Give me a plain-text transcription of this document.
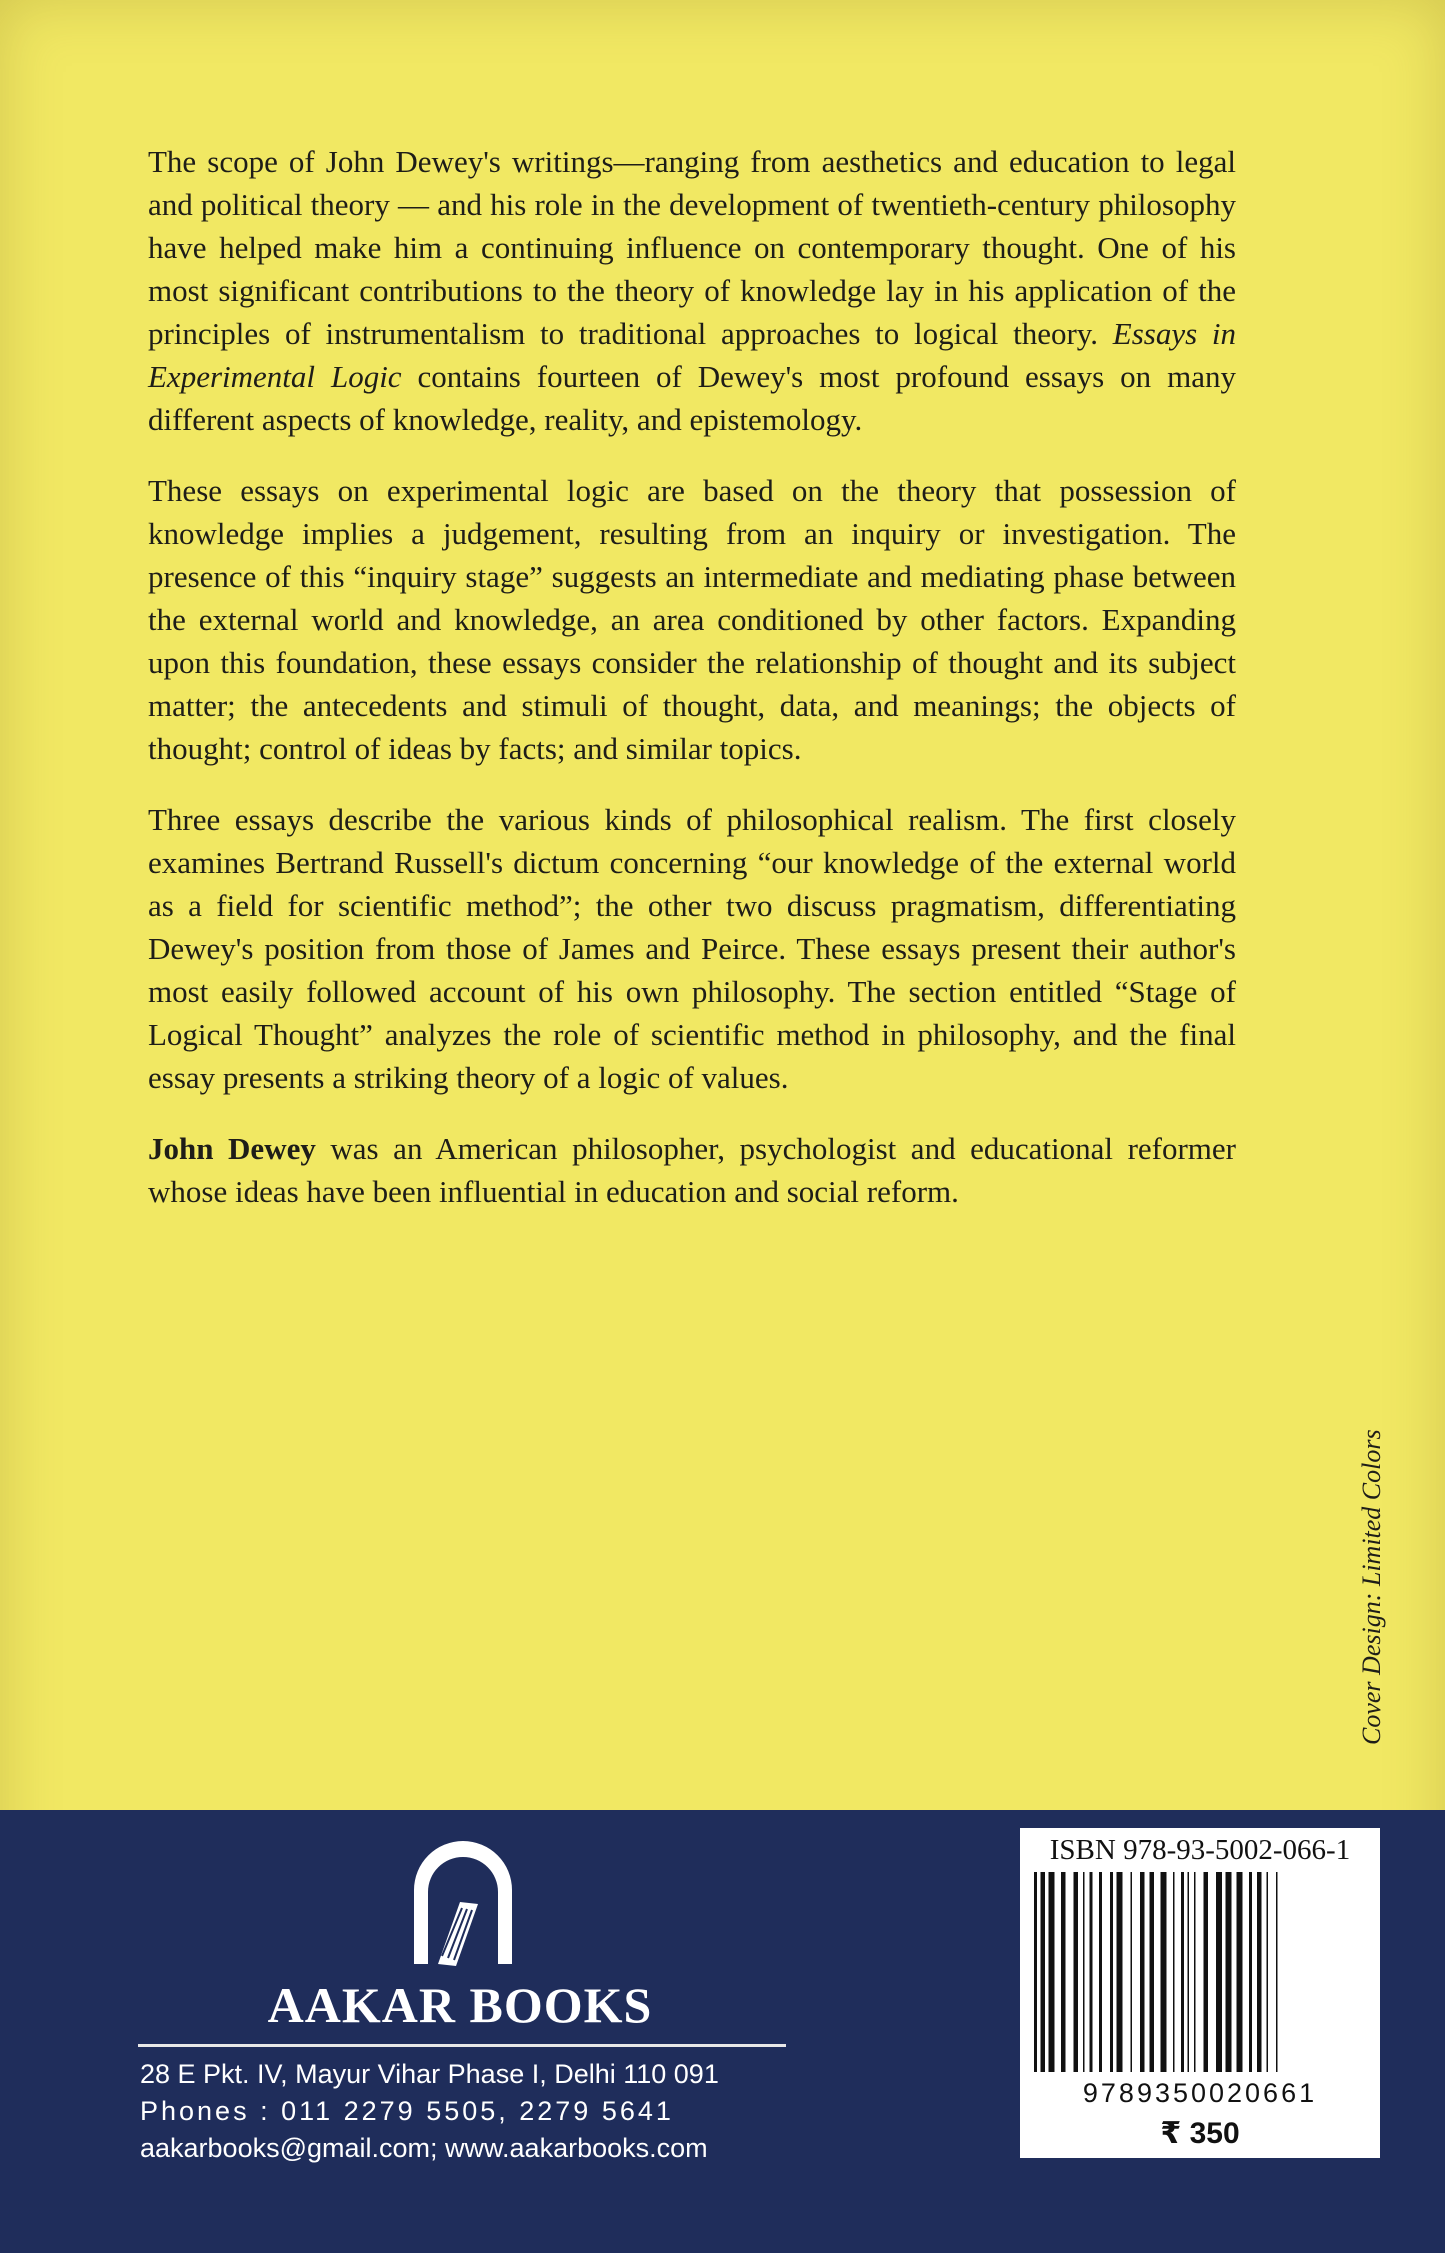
The scope of John Dewey's writings—ranging from aesthetics and education to legal and political theory — and his role in the development of twentieth-century philosophy have helped make him a continuing influence on contemporary thought. One of his most significant contributions to the theory of knowledge lay in his application of the principles of instrumentalism to traditional approaches to logical theory. Essays in Experimental Logic contains fourteen of Dewey's most profound essays on many different aspects of knowledge, reality, and epistemology.

These essays on experimental logic are based on the theory that possession of knowledge implies a judgement, resulting from an inquiry or investigation. The presence of this “inquiry stage” suggests an intermediate and mediating phase between the external world and knowledge, an area conditioned by other factors. Expanding upon this foundation, these essays consider the relationship of thought and its subject matter; the antecedents and stimuli of thought, data, and meanings; the objects of thought; control of ideas by facts; and similar topics.

Three essays describe the various kinds of philosophical realism. The first closely examines Bertrand Russell's dictum concerning “our knowledge of the external world as a field for scientific method”; the other two discuss pragmatism, differentiating Dewey's position from those of James and Peirce. These essays present their author's most easily followed account of his own philosophy. The section entitled “Stage of Logical Thought” analyzes the role of scientific method in philosophy, and the final essay presents a striking theory of a logic of values.

John Dewey was an American philosopher, psychologist and educational reformer whose ideas have been influential in education and social reform.

Cover Design: Limited Colors
AAKAR BOOKS
28 E Pkt. IV, Mayur Vihar Phase I, Delhi 110 091
Phones : 011 2279 5505, 2279 5641
aakarbooks@gmail.com; www.aakarbooks.com
ISBN 978-93-5002-066-1
9789350020661
₹ 350
